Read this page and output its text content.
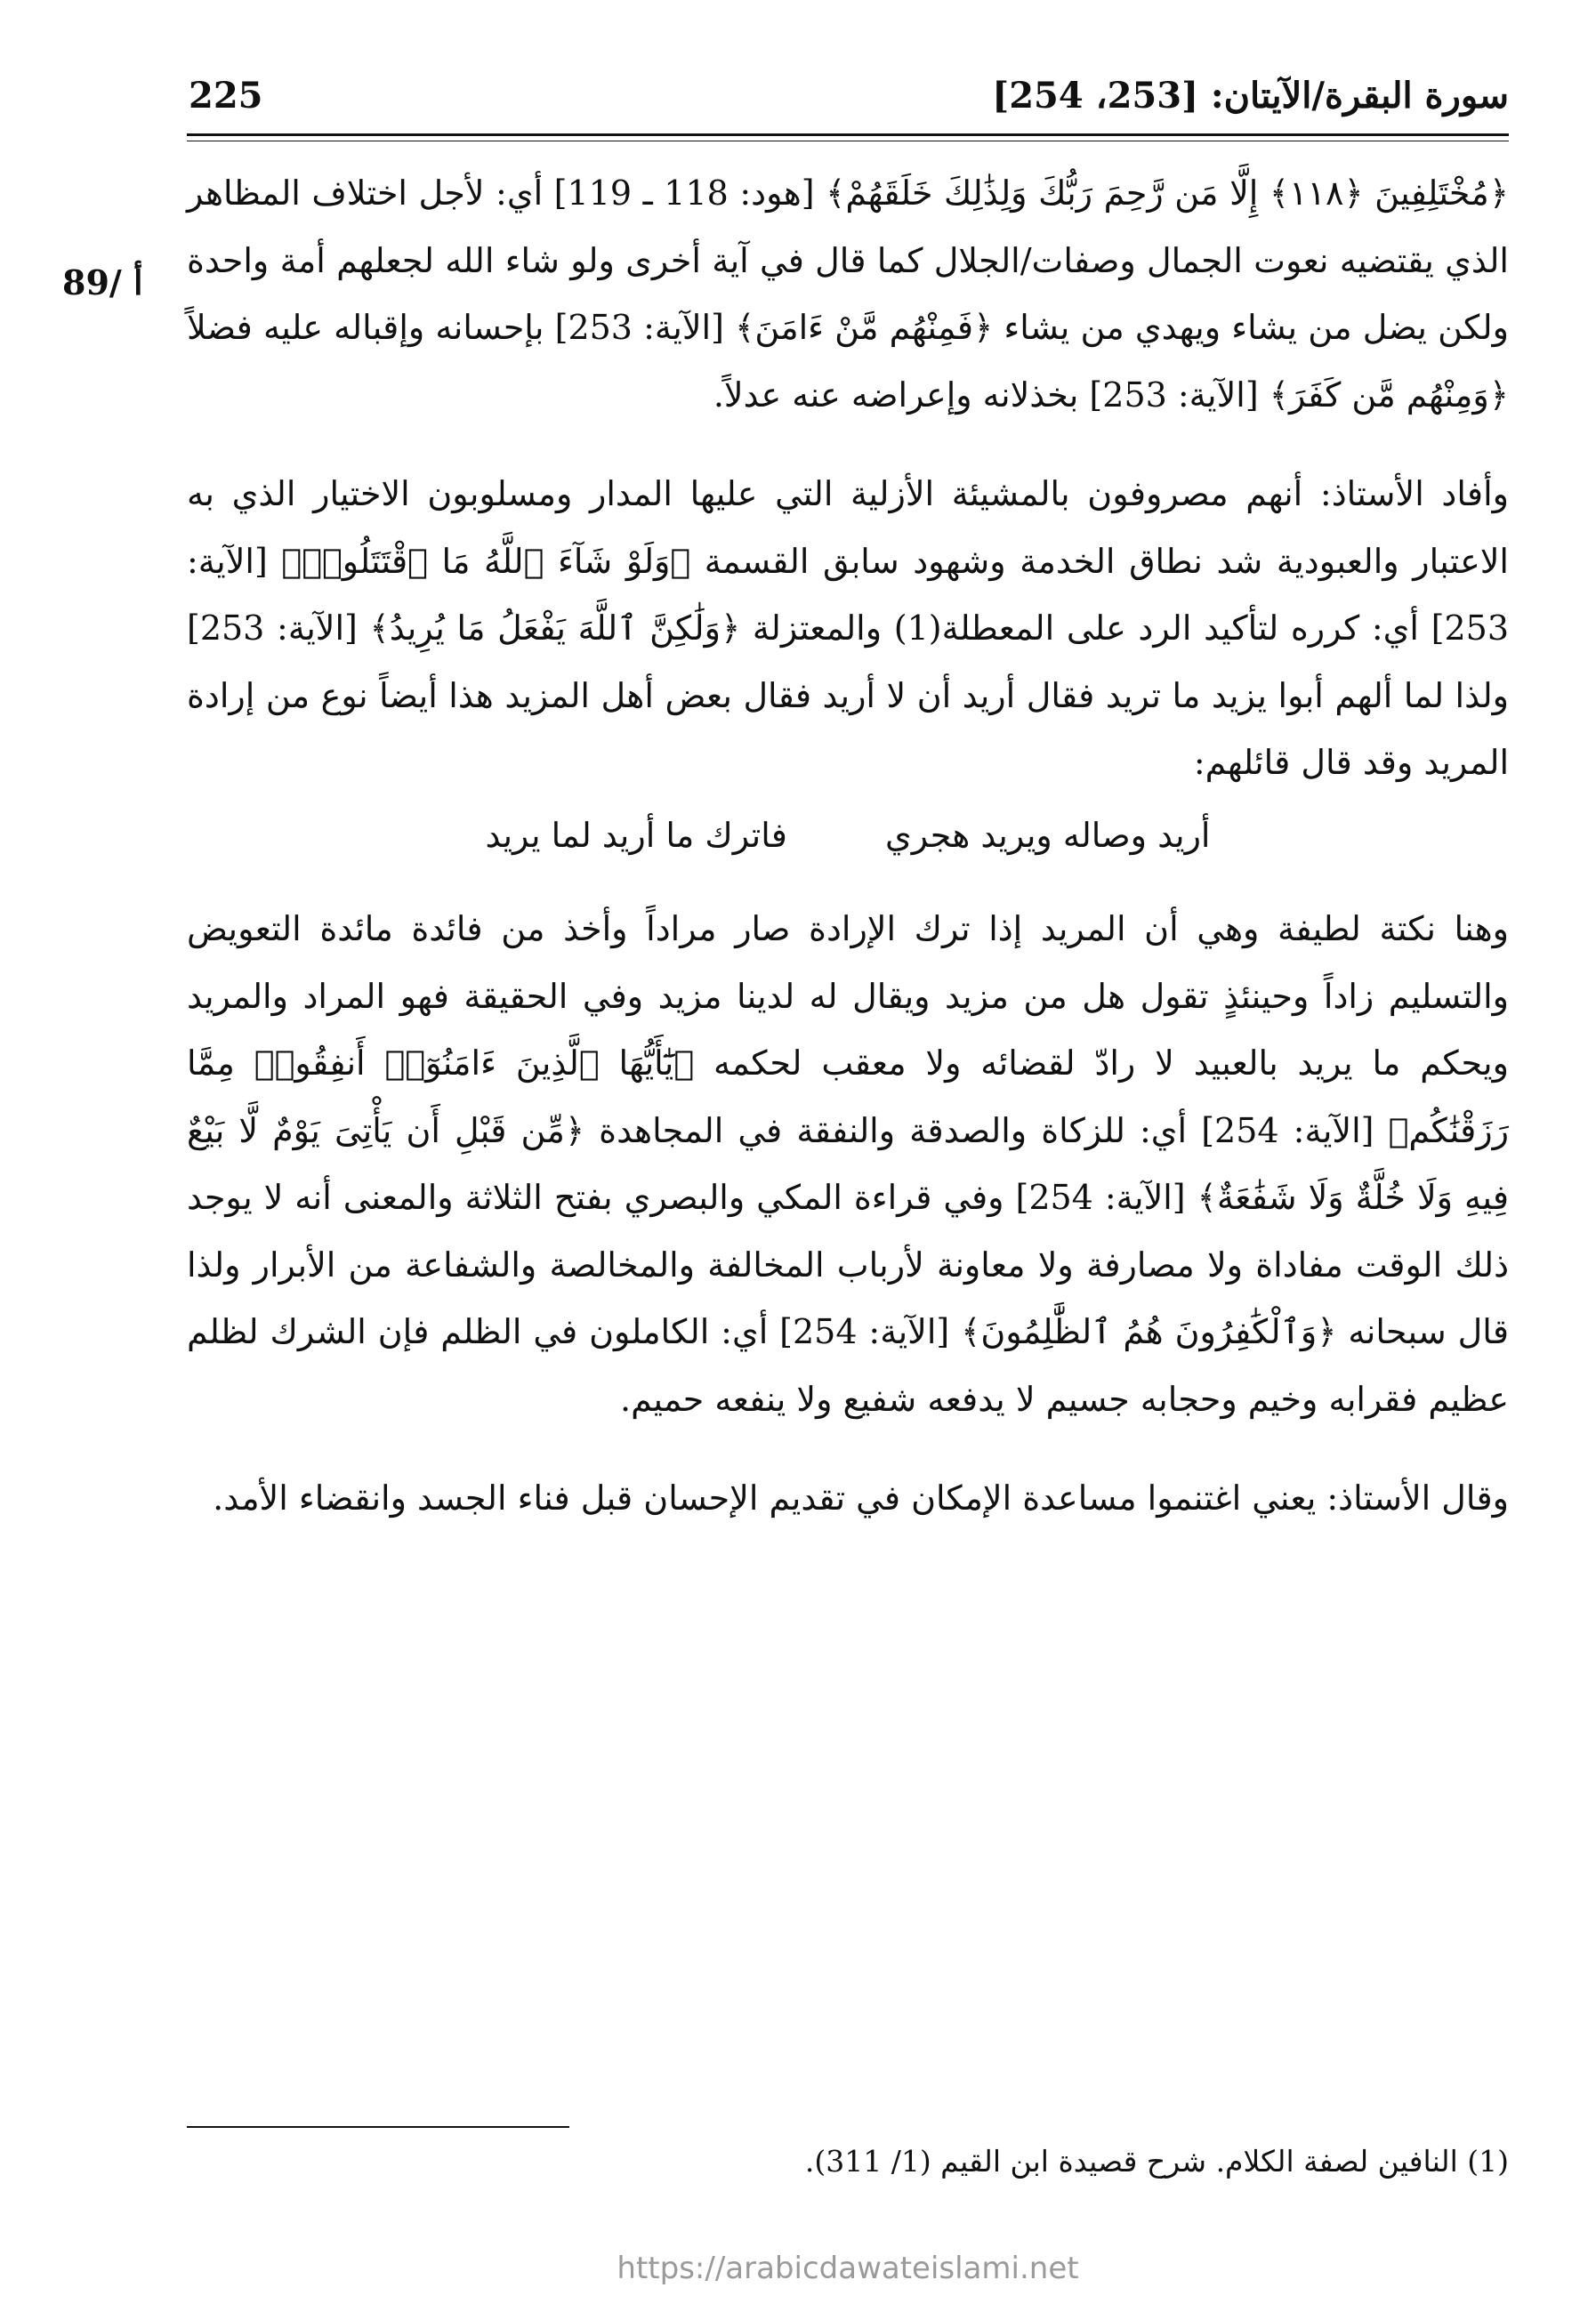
سورة البقرة/الآيتان: [253، 254]
225
89/ أ

﴿مُخْتَلِفِينَ ﴿١١٨﴾ إِلَّا مَن رَّحِمَ رَبُّكَ وَلِذَٰلِكَ خَلَقَهُمْ﴾ [هود: 118 ـ 119] أي: لأجل اختلاف المظاهر الذي يقتضيه نعوت الجمال وصفات/الجلال كما قال في آية أخرى ولو شاء الله لجعلهم أمة واحدة ولكن يضل من يشاء ويهدي من يشاء ﴿فَمِنْهُم مَّنْ ءَامَنَ﴾ [الآية: 253] بإحسانه وإقباله عليه فضلاً ﴿وَمِنْهُم مَّن كَفَرَ﴾ [الآية: 253] بخذلانه وإعراضه عنه عدلاً.

وأفاد الأستاذ: أنهم مصروفون بالمشيئة الأزلية التي عليها المدار ومسلوبون الاختيار الذي به الاعتبار والعبودية شد نطاق الخدمة وشهود سابق القسمة ﴿وَلَوْ شَآءَ ٱللَّهُ مَا ٱقْتَتَلُوا۟﴾ [الآية: 253] أي: كرره لتأكيد الرد على المعطلة(1) والمعتزلة ﴿وَلَٰكِنَّ ٱللَّهَ يَفْعَلُ مَا يُرِيدُ﴾ [الآية: 253] ولذا لما ألهم أبوا يزيد ما تريد فقال أريد أن لا أريد فقال بعض أهل المزيد هذا أيضاً نوع من إرادة المريد وقد قال قائلهم:

أريد وصاله ويريد هجري
فاترك ما أريد لما يريد

وهنا نكتة لطيفة وهي أن المريد إذا ترك الإرادة صار مراداً وأخذ من فائدة مائدة التعويض والتسليم زاداً وحينئذٍ تقول هل من مزيد ويقال له لدينا مزيد وفي الحقيقة فهو المراد والمريد ويحكم ما يريد بالعبيد لا رادّ لقضائه ولا معقب لحكمه ﴿يَٰٓأَيُّهَا ٱلَّذِينَ ءَامَنُوٓا۟ أَنفِقُوا۟ مِمَّا رَزَقْنَٰكُم﴾ [الآية: 254] أي: للزكاة والصدقة والنفقة في المجاهدة ﴿مِّن قَبْلِ أَن يَأْتِىَ يَوْمٌ لَّا بَيْعٌ فِيهِ وَلَا خُلَّةٌ وَلَا شَفَٰعَةٌ﴾ [الآية: 254] وفي قراءة المكي والبصري بفتح الثلاثة والمعنى أنه لا يوجد ذلك الوقت مفاداة ولا مصارفة ولا معاونة لأرباب المخالفة والمخالصة والشفاعة من الأبرار ولذا قال سبحانه ﴿وَٱلْكَٰفِرُونَ هُمُ ٱلظَّٰلِمُونَ﴾ [الآية: 254] أي: الكاملون في الظلم فإن الشرك لظلم عظيم فقرابه وخيم وحجابه جسيم لا يدفعه شفيع ولا ينفعه حميم.

وقال الأستاذ: يعني اغتنموا مساعدة الإمكان في تقديم الإحسان قبل فناء الجسد وانقضاء الأمد.

(1) النافين لصفة الكلام. شرح قصيدة ابن القيم (1/ 311).
https://arabicdawateislami.net
